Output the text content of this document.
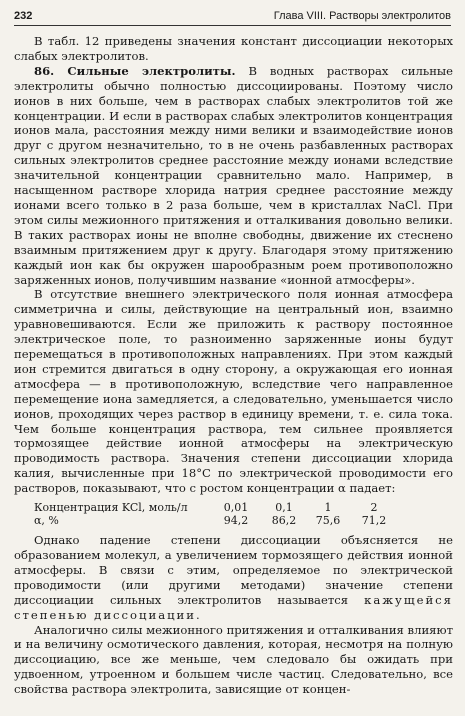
232	Глава VIII. Растворы электролитов

В табл. 12 приведены значения констант диссоциации некоторых слабых электролитов.

86. Сильные электролиты. В водных растворах сильные электролиты обычно полностью диссоциированы. Поэтому число ионов в них больше, чем в растворах слабых электролитов той же концентрации. И если в растворах слабых электролитов концентрация ионов мала, расстояния между ними велики и взаимодействие ионов друг с другом незначительно, то в не очень разбавленных растворах сильных электролитов среднее расстояние между ионами вследствие значительной концентрации сравнительно мало. Например, в насыщенном растворе хлорида натрия среднее расстояние между ионами всего только в 2 раза больше, чем в кристаллах NaCl. При этом силы межионного притяжения и отталкивания довольно велики. В таких растворах ионы не вполне свободны, движение их стеснено взаимным притяжением друг к другу. Благодаря этому притяжению каждый ион как бы окружен шарообразным роем противоположно заряженных ионов, получившим название «ионной атмосферы».

В отсутствие внешнего электрического поля ионная атмосфера симметрична и силы, действующие на центральный ион, взаимно уравновешиваются. Если же приложить к раствору постоянное электрическое поле, то разноименно заряженные ионы будут перемещаться в противоположных направлениях. При этом каждый ион стремится двигаться в одну сторону, а окружающая его ионная атмосфера — в противоположную, вследствие чего направленное перемещение иона замедляется, а следовательно, уменьшается число ионов, проходящих через раствор в единицу времени, т. е. сила тока. Чем больше концентрация раствора, тем сильнее проявляется тормозящее действие ионной атмосферы на электрическую проводимость раствора. Значения степени диссоциации хлорида калия, вычисленные при 18°С по электрической проводимости его растворов, показывают, что с ростом концентрации α падает:

Концентрация KCl, моль/л	0,01	0,1	1	2
α, %	94,2	86,2	75,6	71,2

Однако падение степени диссоциации объясняется не образованием молекул, а увеличением тормозящего действия ионной атмосферы. В связи с этим, определяемое по электрической проводимости (или другими методами) значение степени диссоциации сильных электролитов называется кажущейся степенью диссоциации.

Аналогично силы межионного притяжения и отталкивания влияют и на величину осмотического давления, которая, несмотря на полную диссоциацию, все же меньше, чем следовало бы ожидать при удвоенном, утроенном и большем числе частиц. Следовательно, все свойства раствора электролита, зависящие от концен-
